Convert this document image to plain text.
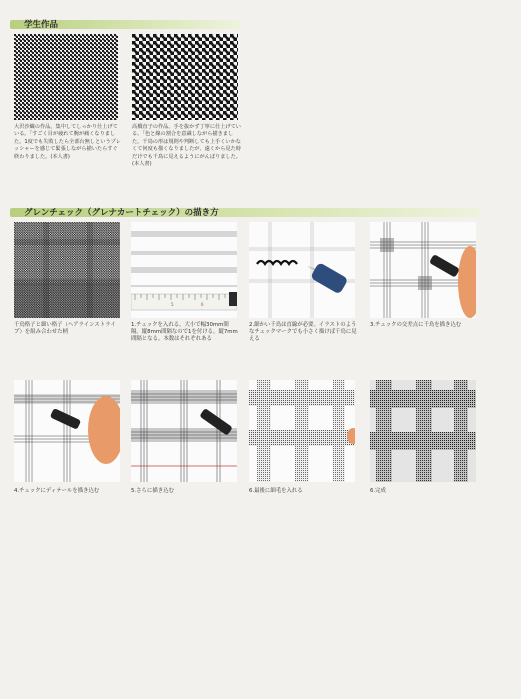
学生作品
大沢沙織の作品。集中してしっかり仕上げている。「すごく目が疲れて腕が痛くなりました。1度でも失敗したら全部台無しというプレッシャーを感じて緊張しながら描いたらすぐ終わりました。(本人書)
高橋直子の作品。手を抜かず丁寧に仕上げている。「色と線の割合を意識しながら描きました。千鳥の形は規則や判断しても上手くいかなくて何度も描くなりましたが、遠くから見た時だけでも千鳥に見えるようにがんばりました。(本人書)
グレンチェック（グレナカートチェック）の描き方
千鳥格子と細い格子（ヘアラインストライプ）を組み合わせた柄
5	6
1.チェックを入れる。大小で幅30mm間隔。縦8mm間隔なので1を付ける。縦7mm間隔となる。本数はそれぞれある
2.細かい千鳥は直線が必要。イラストのようなチェックマークでも小さく描けば千鳥に見える
3.チェックの交差点に千鳥を描き込む
4.チェックにディテールを描き込む	5.さらに描き込む	6.最後に細毛を入れる	6.完成
